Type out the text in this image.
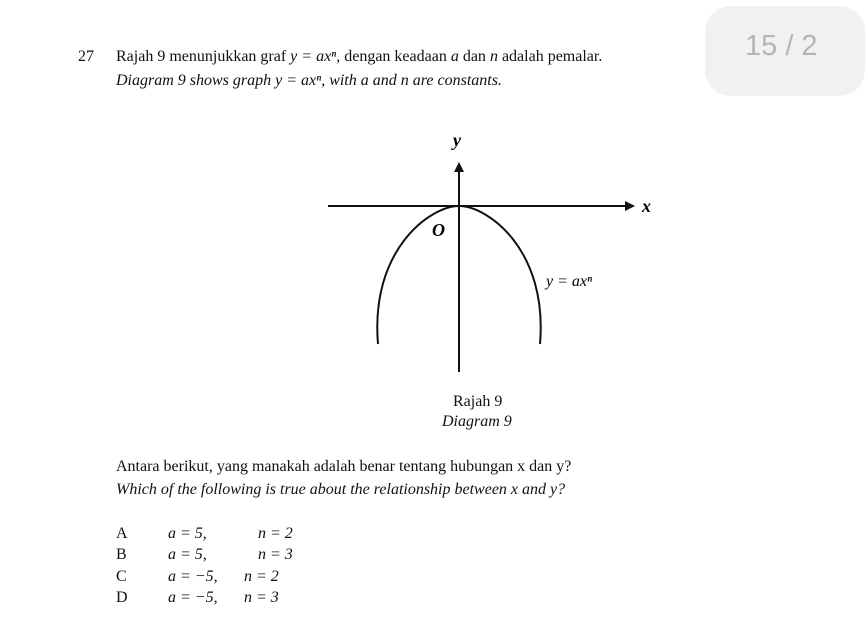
15 / 2
27 Rajah 9 menunjukkan graf y = axⁿ, dengan keadaan a dan n adalah pemalar.
Diagram 9 shows graph y = axⁿ, with a and n are constants.
y
x
O
y = axⁿ
Rajah 9
Diagram 9
Antara berikut, yang manakah adalah benar tentang hubungan x dan y?
Which of the following is true about the relationship between x and y?
A	a = 5,	n = 2
B	a = 5,	n = 3
C	a = −5, n = 2
D	a = −5, n = 3
